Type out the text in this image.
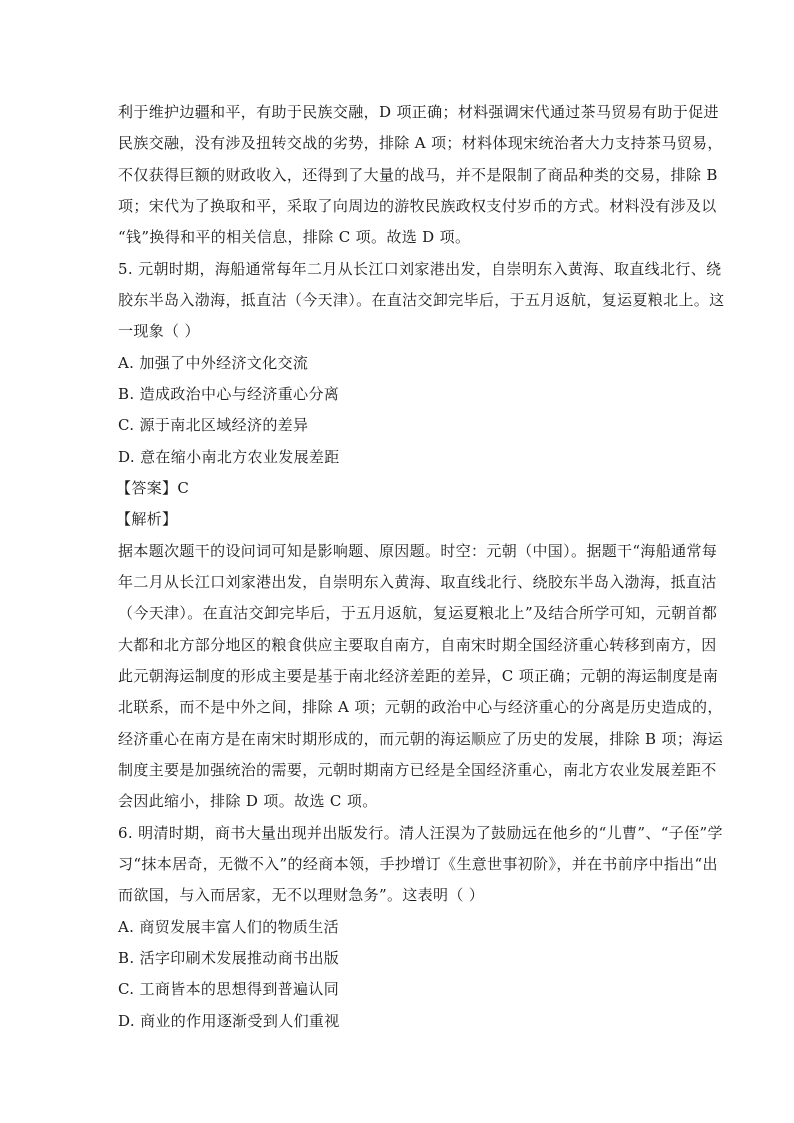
利于维护边疆和平，有助于民族交融，D 项正确；材料强调宋代通过茶马贸易有助于促进
民族交融，没有涉及扭转交战的劣势，排除 A 项；材料体现宋统治者大力支持茶马贸易，
不仅获得巨额的财政收入，还得到了大量的战马，并不是限制了商品种类的交易，排除 B
项；宋代为了换取和平，采取了向周边的游牧民族政权支付岁币的方式。材料没有涉及以
“钱”换得和平的相关信息，排除 C 项。故选 D 项。
5. 元朝时期，海船通常每年二月从长江口刘家港出发，自崇明东入黄海、取直线北行、绕
胶东半岛入渤海，抵直沽（今天津）。在直沽交卸完毕后，于五月返航，复运夏粮北上。这
一现象（ ）
A. 加强了中外经济文化交流
B. 造成政治中心与经济重心分离
C. 源于南北区域经济的差异
D. 意在缩小南北方农业发展差距
【答案】C
【解析】
据本题次题干的设问词可知是影响题、原因题。时空：元朝（中国）。据题干“海船通常每
年二月从长江口刘家港出发，自崇明东入黄海、取直线北行、绕胶东半岛入渤海，抵直沽
（今天津）。在直沽交卸完毕后，于五月返航，复运夏粮北上”及结合所学可知，元朝首都
大都和北方部分地区的粮食供应主要取自南方，自南宋时期全国经济重心转移到南方，因
此元朝海运制度的形成主要是基于南北经济差距的差异，C 项正确；元朝的海运制度是南
北联系，而不是中外之间，排除 A 项；元朝的政治中心与经济重心的分离是历史造成的，
经济重心在南方是在南宋时期形成的，而元朝的海运顺应了历史的发展，排除 B 项；海运
制度主要是加强统治的需要，元朝时期南方已经是全国经济重心，南北方农业发展差距不
会因此缩小，排除 D 项。故选 C 项。
6. 明清时期，商书大量出现并出版发行。清人汪淏为了鼓励远在他乡的“儿曹”、“子侄”学
习“抹本居奇，无微不入”的经商本领，手抄增订《生意世事初阶》，并在书前序中指出“出
而欲国，与入而居家，无不以理财急务”。这表明（ ）
A. 商贸发展丰富人们的物质生活
B. 活字印刷术发展推动商书出版
C. 工商皆本的思想得到普遍认同
D. 商业的作用逐渐受到人们重视
